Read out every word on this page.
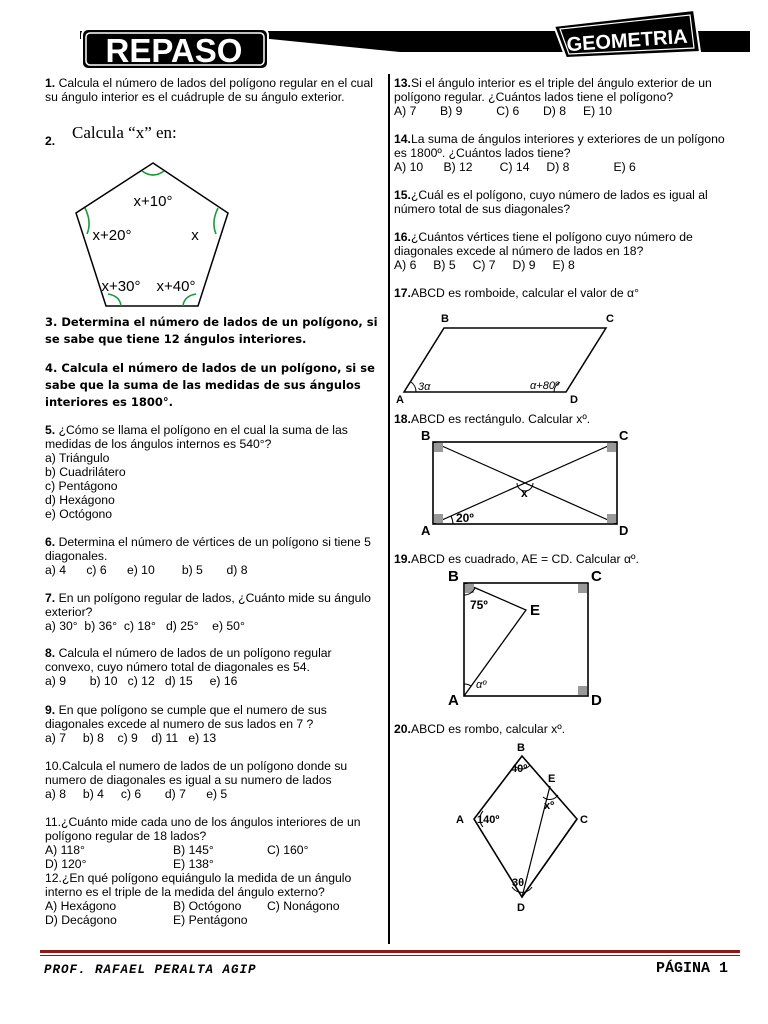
REPASO	GEOMETRIA

1. Calcula el número de lados del polígono regular en el cual su ángulo interior es el cuádruple de su ángulo exterior.

2. Calcula “x” en:
x+10°
x+20°	x
x+30° x+40°

3. Determina el número de lados de un polígono, si se sabe que tiene 12 ángulos interiores.

4. Calcula el número de lados de un polígono, si se sabe que la suma de las medidas de sus ángulos interiores es 1800°.

5. ¿Cómo se llama el polígono en el cual la suma de las medidas de los ángulos internos es 540°?

a) Triángulo

b) Cuadrilátero

c) Pentágono

d) Hexágono

e) Octógono

6. Determina el número de vértices de un polígono si tiene 5 diagonales.

a) 4      c) 6      e) 10        b) 5       d) 8

7. En un polígono regular de lados, ¿Cuánto mide su ángulo exterior?

a) 30°  b) 36°  c) 18°   d) 25°    e) 50°

8. Calcula el número de lados de un polígono regular convexo, cuyo número total de diagonales es 54.

a) 9       b) 10   c) 12   d) 15     e) 16

9. En que polígono se cumple que el numero de sus diagonales excede al numero de sus lados en 7 ?

a) 7     b) 8    c) 9    d) 11   e) 13

10.Calcula el numero de lados de un polígono donde su numero de diagonales es igual a su numero de lados

a) 8     b) 4     c) 6       d) 7      e) 5

11.¿Cuánto mide cada uno de los ángulos interiores de un polígono regular de 18 lados?

A) 118°	B) 145°	C) 160°
D) 120°	E) 138°

12.¿En qué polígono equiángulo la medida de un ángulo interno es el triple de la medida del ángulo externo?

A) Hexágono	B) Octógono	C) Nonágono
D) Decágono	E) Pentágono

13.Si el ángulo interior es el triple del ángulo exterior de un polígono regular. ¿Cuántos lados tiene el polígono?

A) 7       B) 9          C) 6       D) 8     E) 10

14.La suma de ángulos interiores y exteriores de un polígono es 1800º. ¿Cuántos lados tiene?

A) 10      B) 12        C) 14     D) 8             E) 6

15.¿Cuál es el polígono, cuyo número de lados es igual al número total de sus diagonales?

16.¿Cuántos vértices tiene el polígono cuyo número de diagonales excede al número de lados en 18?

A) 6     B) 5     C) 7     D) 9     E) 8

17.ABCD es romboide, calcular el valor de α°

B	C
A	D
3α	α+80º

18.ABCD es rectángulo. Calcular xº.

B	C
A	D
x
20º

19.ABCD es cuadrado, AE = CD. Calcular αº.

B	C
A	D
E
75º
αº

20.ABCD es rombo, calcular xº.

B
C
A
D
E
40º
140º
3θ
xº
PROF. RAFAEL PERALTA AGIP	PÁGINA 1
